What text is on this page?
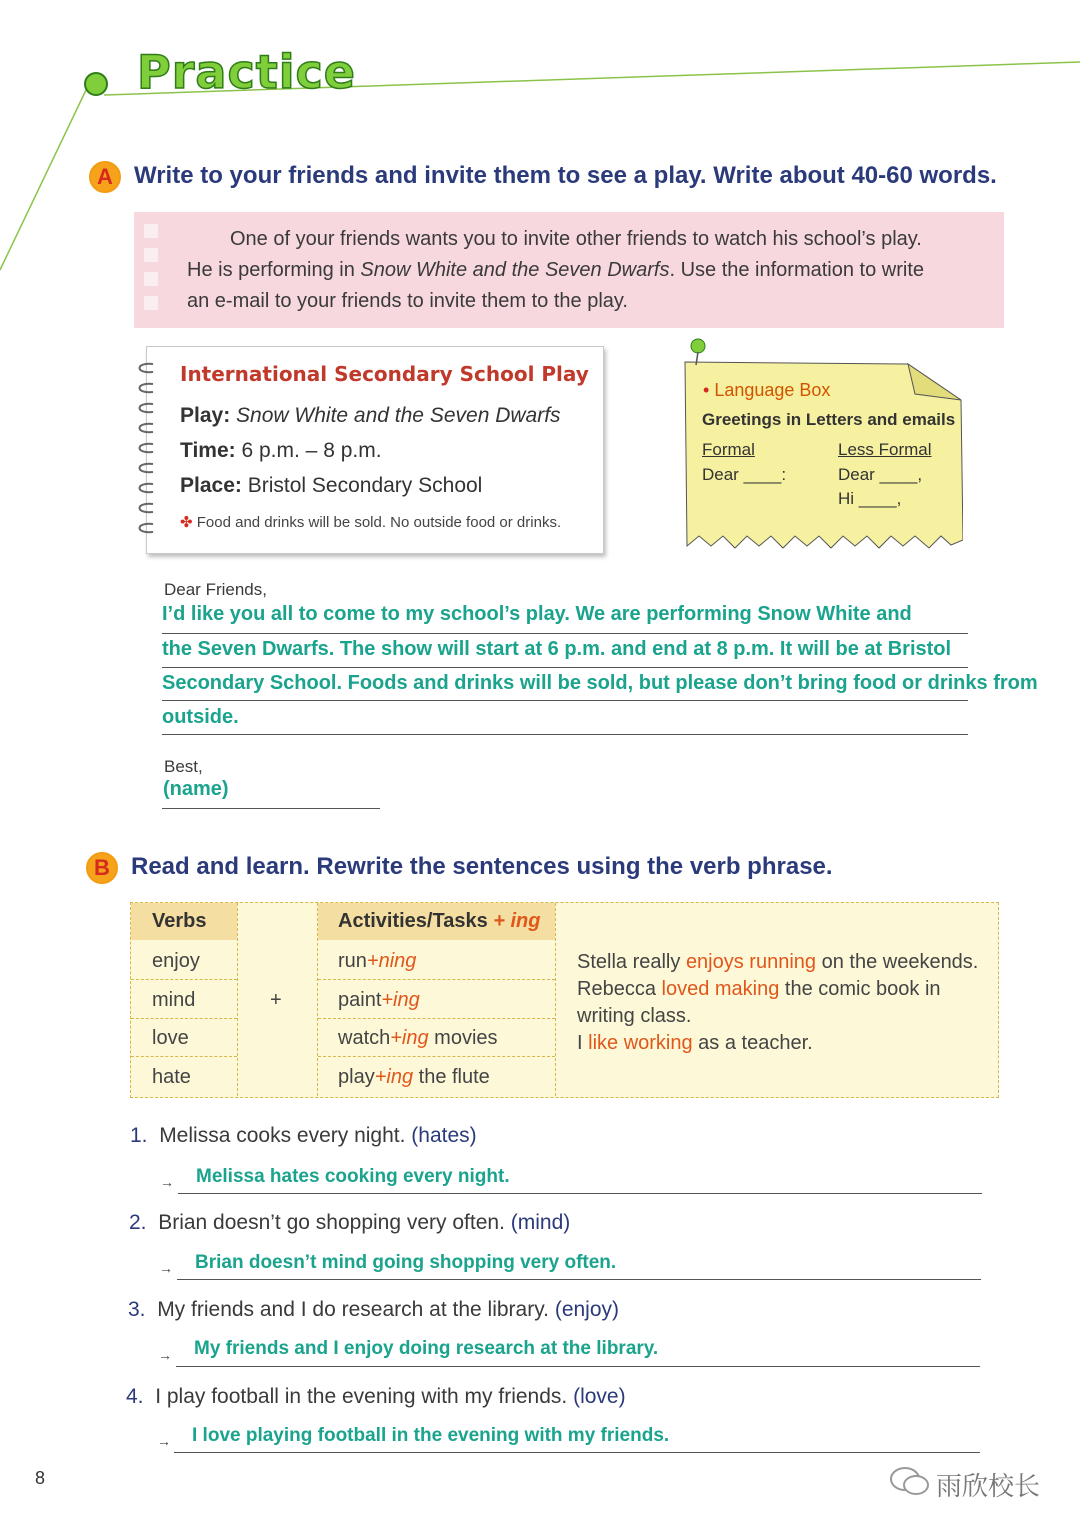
Practice
A Write to your friends and invite them to see a play. Write about 40-60 words.
One of your friends wants you to invite other friends to watch his school’s play.
He is performing in Snow White and the Seven Dwarfs. Use the information to write
an e-mail to your friends to invite them to the play.
International Secondary School Play
Play: Snow White and the Seven Dwarfs
Time: 6 p.m. – 8 p.m.
Place: Bristol Secondary School
✤ Food and drinks will be sold. No outside food or drinks.
• Language Box
Greetings in Letters and emails
Formal
Dear ____:
Less Formal
Dear ____,
Hi ____,
Dear Friends,
I’d like you all to come to my school’s play. We are performing Snow White and
the Seven Dwarfs. The show will start at 6 p.m. and end at 8 p.m. It will be at Bristol
Secondary School. Foods and drinks will be sold, but please don’t bring food or drinks from
outside.
Best,
(name)
B Read and learn. Rewrite the sentences using the verb phrase.
Verbs	Activities/Tasks + ing
enjoy
mind
love
hate
+
run+ning
paint+ing
watch+ing movies
play+ing the flute
Stella really enjoys running on the weekends.
Rebecca loved making the comic book in
writing class.
I like working as a teacher.
1. Melissa cooks every night. (hates)
→ Melissa hates cooking every night.
2. Brian doesn’t go shopping very often. (mind)
→ Brian doesn’t mind going shopping very often.
3. My friends and I do research at the library. (enjoy)
→ My friends and I enjoy doing research at the library.
4. I play football in the evening with my friends. (love)
→ I love playing football in the evening with my friends.
8	雨欣校长
